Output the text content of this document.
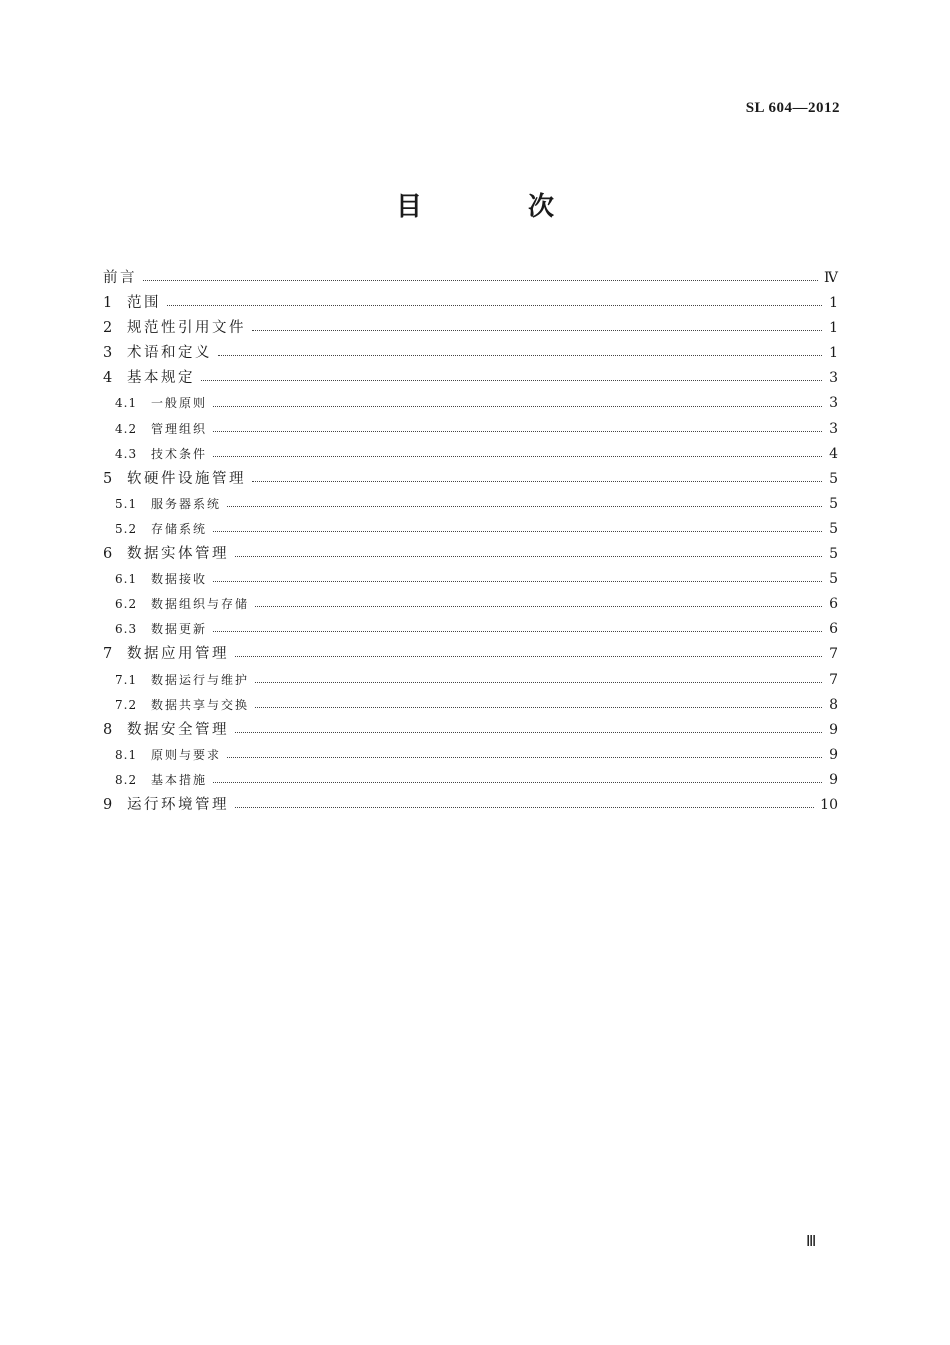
SL 604—2012
目　次
前言	Ⅳ
1	范围	1
2	规范性引用文件	1
3	术语和定义	1
4	基本规定	3
4.1	一般原则	3
4.2	管理组织	3
4.3	技术条件	4
5	软硬件设施管理	5
5.1	服务器系统	5
5.2	存储系统	5
6	数据实体管理	5
6.1	数据接收	5
6.2	数据组织与存储	6
6.3	数据更新	6
7	数据应用管理	7
7.1	数据运行与维护	7
7.2	数据共享与交换	8
8	数据安全管理	9
8.1	原则与要求	9
8.2	基本措施	9
9	运行环境管理	10
Ⅲ
